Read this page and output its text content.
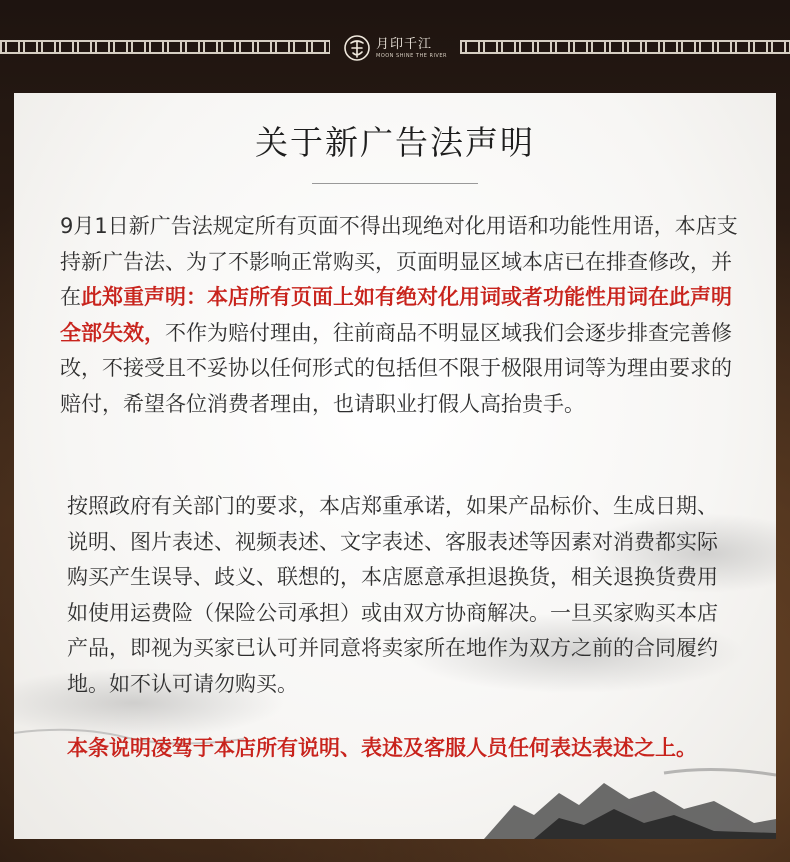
月印千江
MOON SHINE THE RIVER
关于新广告法声明

9月1日新广告法规定所有页面不得出现绝对化用语和功能性用语，本店支持新广告法、为了不影响正常购买，页面明显区域本店已在排查修改，并在此郑重声明：本店所有页面上如有绝对化用词或者功能性用词在此声明全部失效，不作为赔付理由，往前商品不明显区域我们会逐步排查完善修改，不接受且不妥协以任何形式的包括但不限于极限用词等为理由要求的赔付，希望各位消费者理由，也请职业打假人高抬贵手。

按照政府有关部门的要求，本店郑重承诺，如果产品标价、生成日期、说明、图片表述、视频表述、文字表述、客服表述等因素对消费都实际购买产生误导、歧义、联想的，本店愿意承担退换货，相关退换货费用如使用运费险（保险公司承担）或由双方协商解决。一旦买家购买本店产品，即视为买家已认可并同意将卖家所在地作为双方之前的合同履约地。如不认可请勿购买。

本条说明凌驾于本店所有说明、表述及客服人员任何表达表述之上。
